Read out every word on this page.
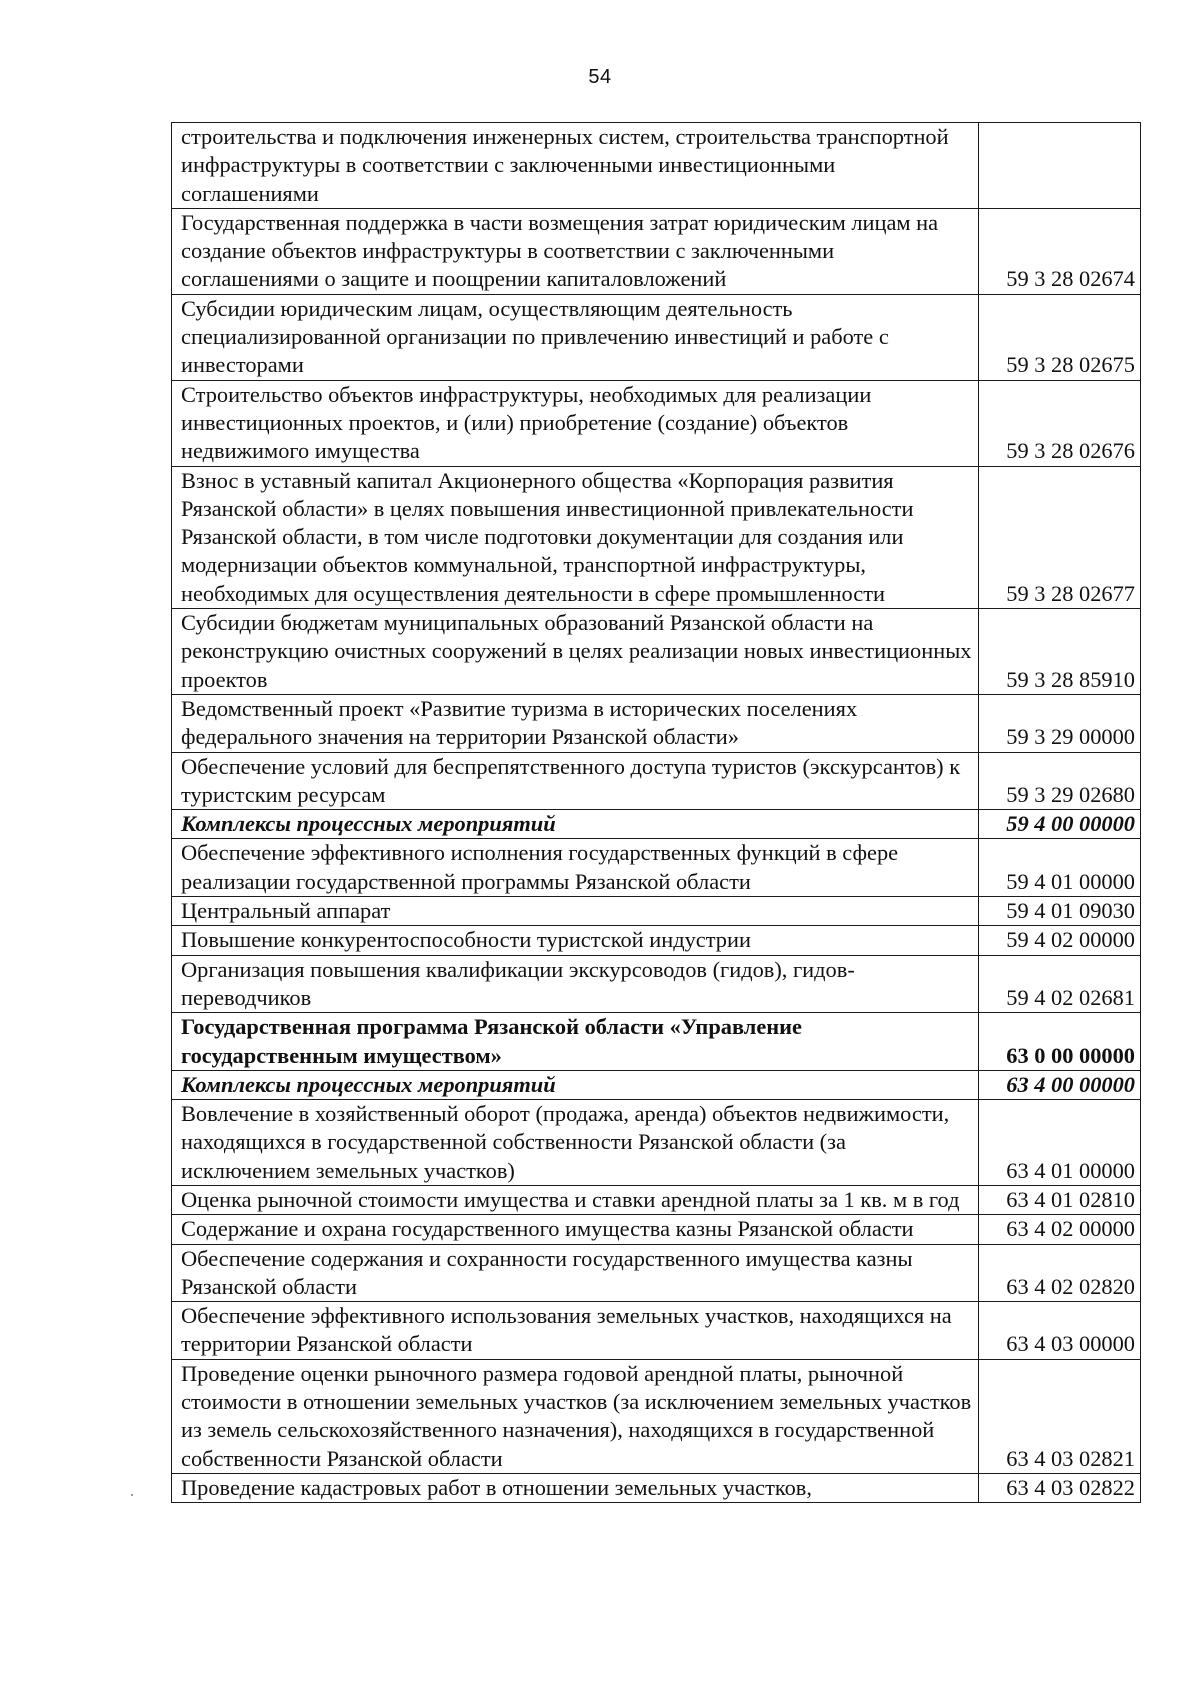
54
строительства и подключения инженерных систем, строительства транспортной инфраструктуры в соответствии с заключенными инвестиционными соглашениями	
Государственная поддержка в части возмещения затрат юридическим лицам на создание объектов инфраструктуры в соответствии с заключенными соглашениями о защите и поощрении капиталовложений	59 3 28 02674
Субсидии юридическим лицам, осуществляющим деятельность специализированной организации по привлечению инвестиций и работе с инвесторами	59 3 28 02675
Строительство объектов инфраструктуры, необходимых для реализации инвестиционных проектов, и (или) приобретение (создание) объектов недвижимого имущества	59 3 28 02676
Взнос в уставный капитал Акционерного общества «Корпорация развития Рязанской области» в целях повышения инвестиционной привлекательности Рязанской области, в том числе подготовки документации для создания или модернизации объектов коммунальной, транспортной инфраструктуры, необходимых для осуществления деятельности в сфере промышленности	59 3 28 02677
Субсидии бюджетам муниципальных образований Рязанской области на реконструкцию очистных сооружений в целях реализации новых инвестиционных проектов	59 3 28 85910
Ведомственный проект «Развитие туризма в исторических поселениях федерального значения на территории Рязанской области»	59 3 29 00000
Обеспечение условий для беспрепятственного доступа туристов (экскурсантов) к туристским ресурсам	59 3 29 02680
Комплексы процессных мероприятий	59 4 00 00000
Обеспечение эффективного исполнения государственных функций в сфере реализации государственной программы Рязанской области	59 4 01 00000
Центральный аппарат	59 4 01 09030
Повышение конкурентоспособности туристской индустрии	59 4 02 00000
Организация повышения квалификации экскурсоводов (гидов), гидов-переводчиков	59 4 02 02681
Государственная программа Рязанской области «Управление государственным имуществом»	63 0 00 00000
Комплексы процессных мероприятий	63 4 00 00000
Вовлечение в хозяйственный оборот (продажа, аренда) объектов недвижимости, находящихся в государственной собственности Рязанской области (за исключением земельных участков)	63 4 01 00000
Оценка рыночной стоимости имущества и ставки арендной платы за 1 кв. м в год	63 4 01 02810
Содержание и охрана государственного имущества казны Рязанской области	63 4 02 00000
Обеспечение содержания и сохранности государственного имущества казны Рязанской области	63 4 02 02820
Обеспечение эффективного использования земельных участков, находящихся на территории Рязанской области	63 4 03 00000
Проведение оценки рыночного размера годовой арендной платы, рыночной стоимости в отношении земельных участков (за исключением земельных участков из земель сельскохозяйственного назначения), находящихся в государственной собственности Рязанской области	63 4 03 02821
Проведение кадастровых работ в отношении земельных участков,	63 4 03 02822
